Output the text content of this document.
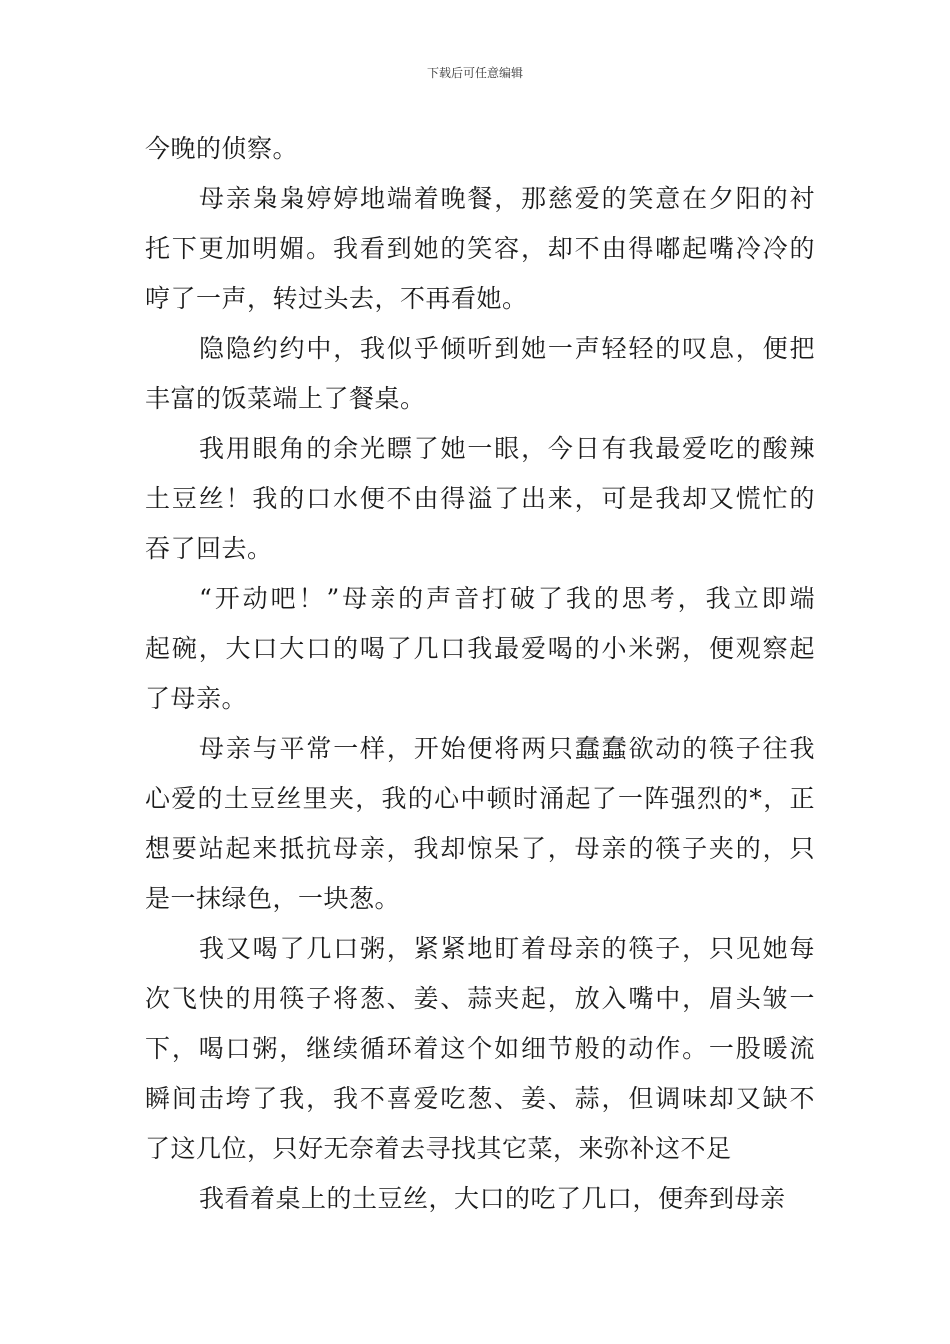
下载后可任意编辑
今晚的侦察。
母亲枭枭婷婷地端着晚餐，那慈爱的笑意在夕阳的衬
托下更加明媚。我看到她的笑容，却不由得嘟起嘴冷冷的
哼了一声，转过头去，不再看她。
隐隐约约中，我似乎倾听到她一声轻轻的叹息，便把
丰富的饭菜端上了餐桌。
我用眼角的余光瞟了她一眼，今日有我最爱吃的酸辣
土豆丝！我的口水便不由得溢了出来，可是我却又慌忙的
吞了回去。
“开动吧！”母亲的声音打破了我的思考，我立即端
起碗，大口大口的喝了几口我最爱喝的小米粥，便观察起
了母亲。
母亲与平常一样，开始便将两只蠢蠢欲动的筷子往我
心爱的土豆丝里夹，我的心中顿时涌起了一阵强烈的*，正
想要站起来抵抗母亲，我却惊呆了，母亲的筷子夹的，只
是一抹绿色，一块葱。
我又喝了几口粥，紧紧地盯着母亲的筷子，只见她每
次飞快的用筷子将葱、姜、蒜夹起，放入嘴中，眉头皱一
下，喝口粥，继续循环着这个如细节般的动作。一股暖流
瞬间击垮了我，我不喜爱吃葱、姜、蒜，但调味却又缺不
了这几位，只好无奈着去寻找其它菜，来弥补这不足
我看着桌上的土豆丝，大口的吃了几口，便奔到母亲
